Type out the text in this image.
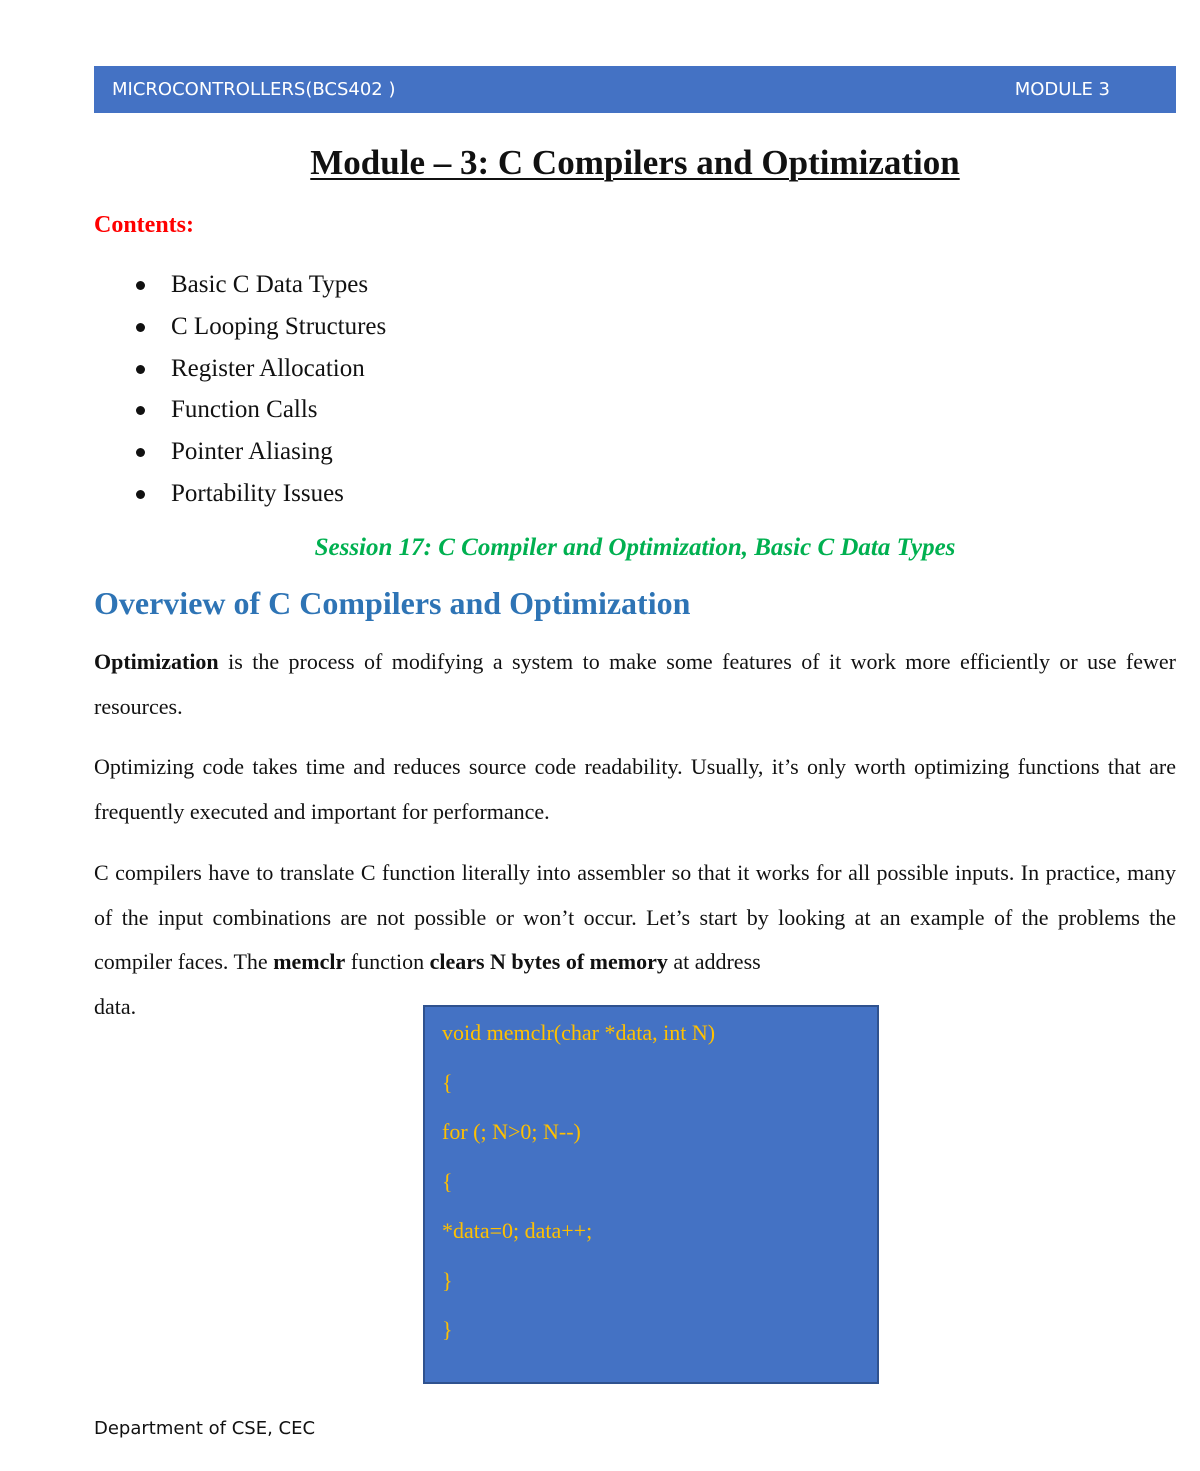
MICROCONTROLLERS(BCS402 )	MODULE 3
Module – 3: C Compilers and Optimization
Contents:
Basic C Data Types
C Looping Structures
Register Allocation
Function Calls
Pointer Aliasing
Portability Issues
Session 17: C Compiler and Optimization, Basic C Data Types
Overview of C Compilers and Optimization

Optimization is the process of modifying a system to make some features of it work more efficiently or use fewer resources.

Optimizing code takes time and reduces source code readability. Usually, it’s only worth optimizing functions that are frequently executed and important for performance.

C compilers have to translate C function literally into assembler so that it works for all possible inputs. In practice, many of the input combinations are not possible or won’t occur. Let’s start by looking at an example of the problems the compiler faces. The memclr function clears N bytes of memory at address

data.
void memclr(char *data, int N)
{
for (; N>0; N--)
{
*data=0; data++;
}
}
Department of CSE, CEC
